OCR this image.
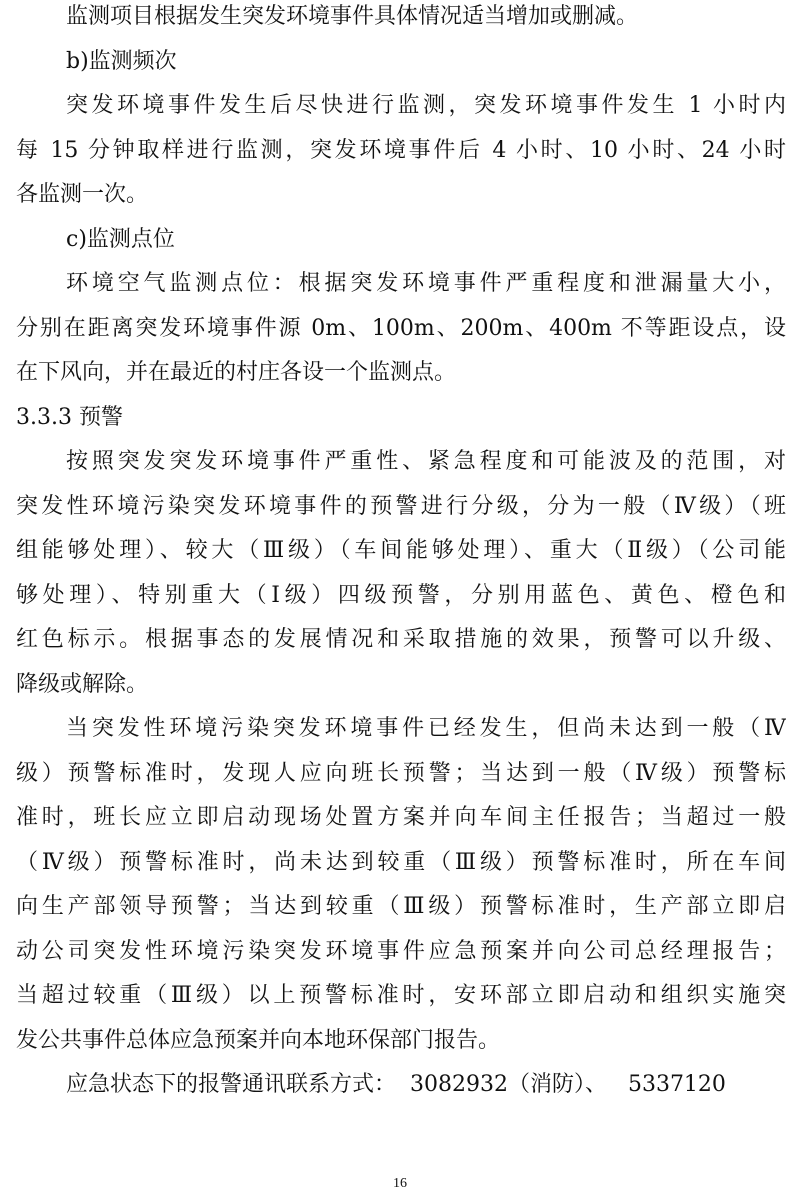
监测项目根据发生突发环境事件具体情况适当增加或删减。
b)监测频次
突发环境事件发生后尽快进行监测，突发环境事件发生 1 小时内
每 15 分钟取样进行监测，突发环境事件后 4 小时、10 小时、24 小时
各监测一次。
c)监测点位
环境空气监测点位：根据突发环境事件严重程度和泄漏量大小，
分别在距离突发环境事件源 0m、100m、200m、400m 不等距设点，设
在下风向，并在最近的村庄各设一个监测点。
3.3.3 预警
按照突发突发环境事件严重性、紧急程度和可能波及的范围，对
突发性环境污染突发环境事件的预警进行分级，分为一般（Ⅳ级）（班
组能够处理）、较大（Ⅲ级）（车间能够处理）、重大（Ⅱ级）（公司能
够处理）、特别重大（Ⅰ级）四级预警，分别用蓝色、黄色、橙色和
红色标示。根据事态的发展情况和采取措施的效果，预警可以升级、
降级或解除。
当突发性环境污染突发环境事件已经发生，但尚未达到一般（Ⅳ
级）预警标准时，发现人应向班长预警；当达到一般（Ⅳ级）预警标
准时，班长应立即启动现场处置方案并向车间主任报告；当超过一般
（Ⅳ级）预警标准时，尚未达到较重（Ⅲ级）预警标准时，所在车间
向生产部领导预警；当达到较重（Ⅲ级）预警标准时，生产部立即启
动公司突发性环境污染突发环境事件应急预案并向公司总经理报告；
当超过较重（Ⅲ级）以上预警标准时，安环部立即启动和组织实施突
发公共事件总体应急预案并向本地环保部门报告。
应急状态下的报警通讯联系方式：  3082932（消防）、   5337120
16
